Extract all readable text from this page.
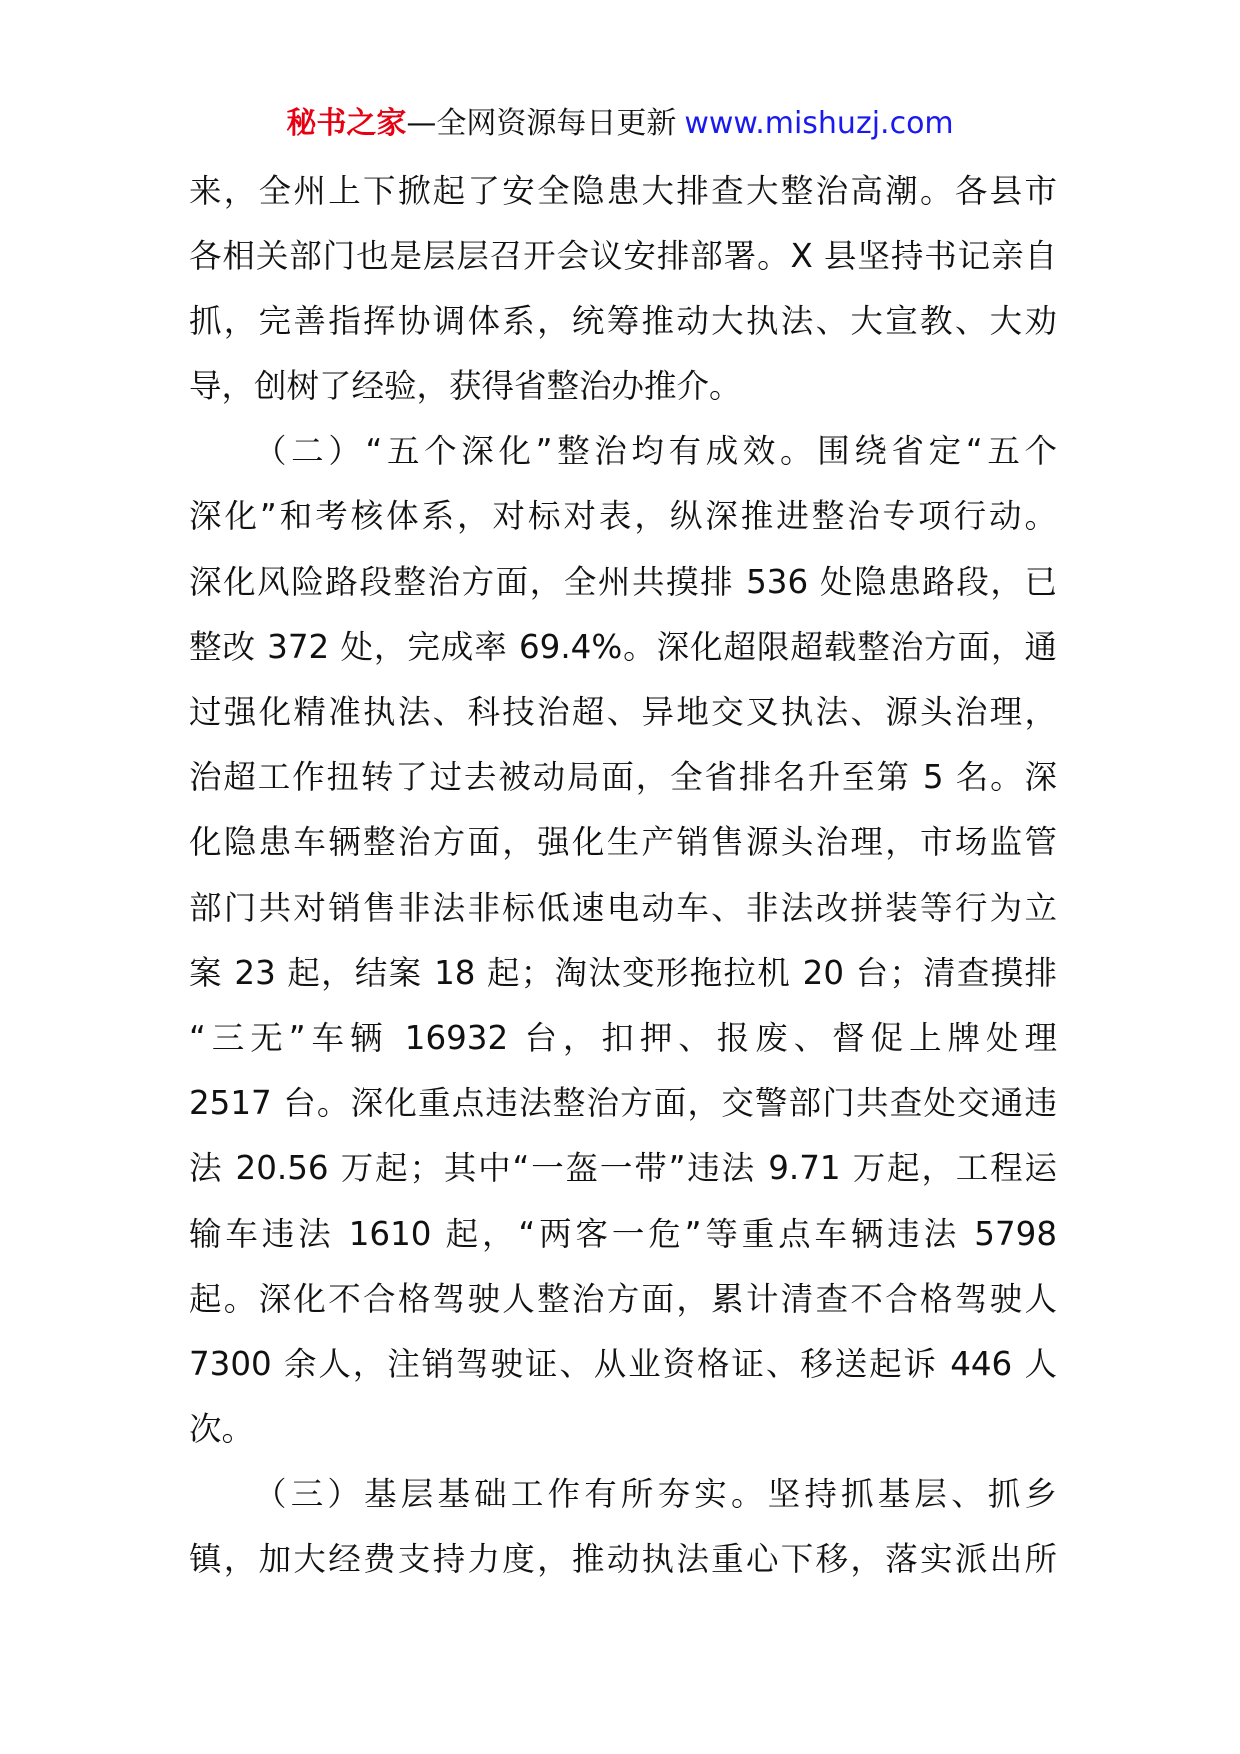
秘书之家—全网资源每日更新 www.mishuzj.com
来，全州上下掀起了安全隐患大排查大整治高潮。各县市
各相关部门也是层层召开会议安排部署。X 县坚持书记亲自
抓，完善指挥协调体系，统筹推动大执法、大宣教、大劝
导，创树了经验，获得省整治办推介。
（二）“五个深化”整治均有成效。围绕省定“五个
深化”和考核体系，对标对表，纵深推进整治专项行动。
深化风险路段整治方面，全州共摸排 536 处隐患路段，已
整改 372 处，完成率 69.4%。深化超限超载整治方面，通
过强化精准执法、科技治超、异地交叉执法、源头治理，
治超工作扭转了过去被动局面，全省排名升至第 5 名。深
化隐患车辆整治方面，强化生产销售源头治理，市场监管
部门共对销售非法非标低速电动车、非法改拼装等行为立
案 23 起，结案 18 起；淘汰变形拖拉机 20 台；清查摸排
“三无”车辆 16932 台，扣押、报废、督促上牌处理
2517 台。深化重点违法整治方面，交警部门共查处交通违
法 20.56 万起；其中“一盔一带”违法 9.71 万起，工程运
输车违法 1610 起，“两客一危”等重点车辆违法 5798
起。深化不合格驾驶人整治方面，累计清查不合格驾驶人
7300 余人，注销驾驶证、从业资格证、移送起诉 446 人
次。
（三）基层基础工作有所夯实。坚持抓基层、抓乡
镇，加大经费支持力度，推动执法重心下移，落实派出所
